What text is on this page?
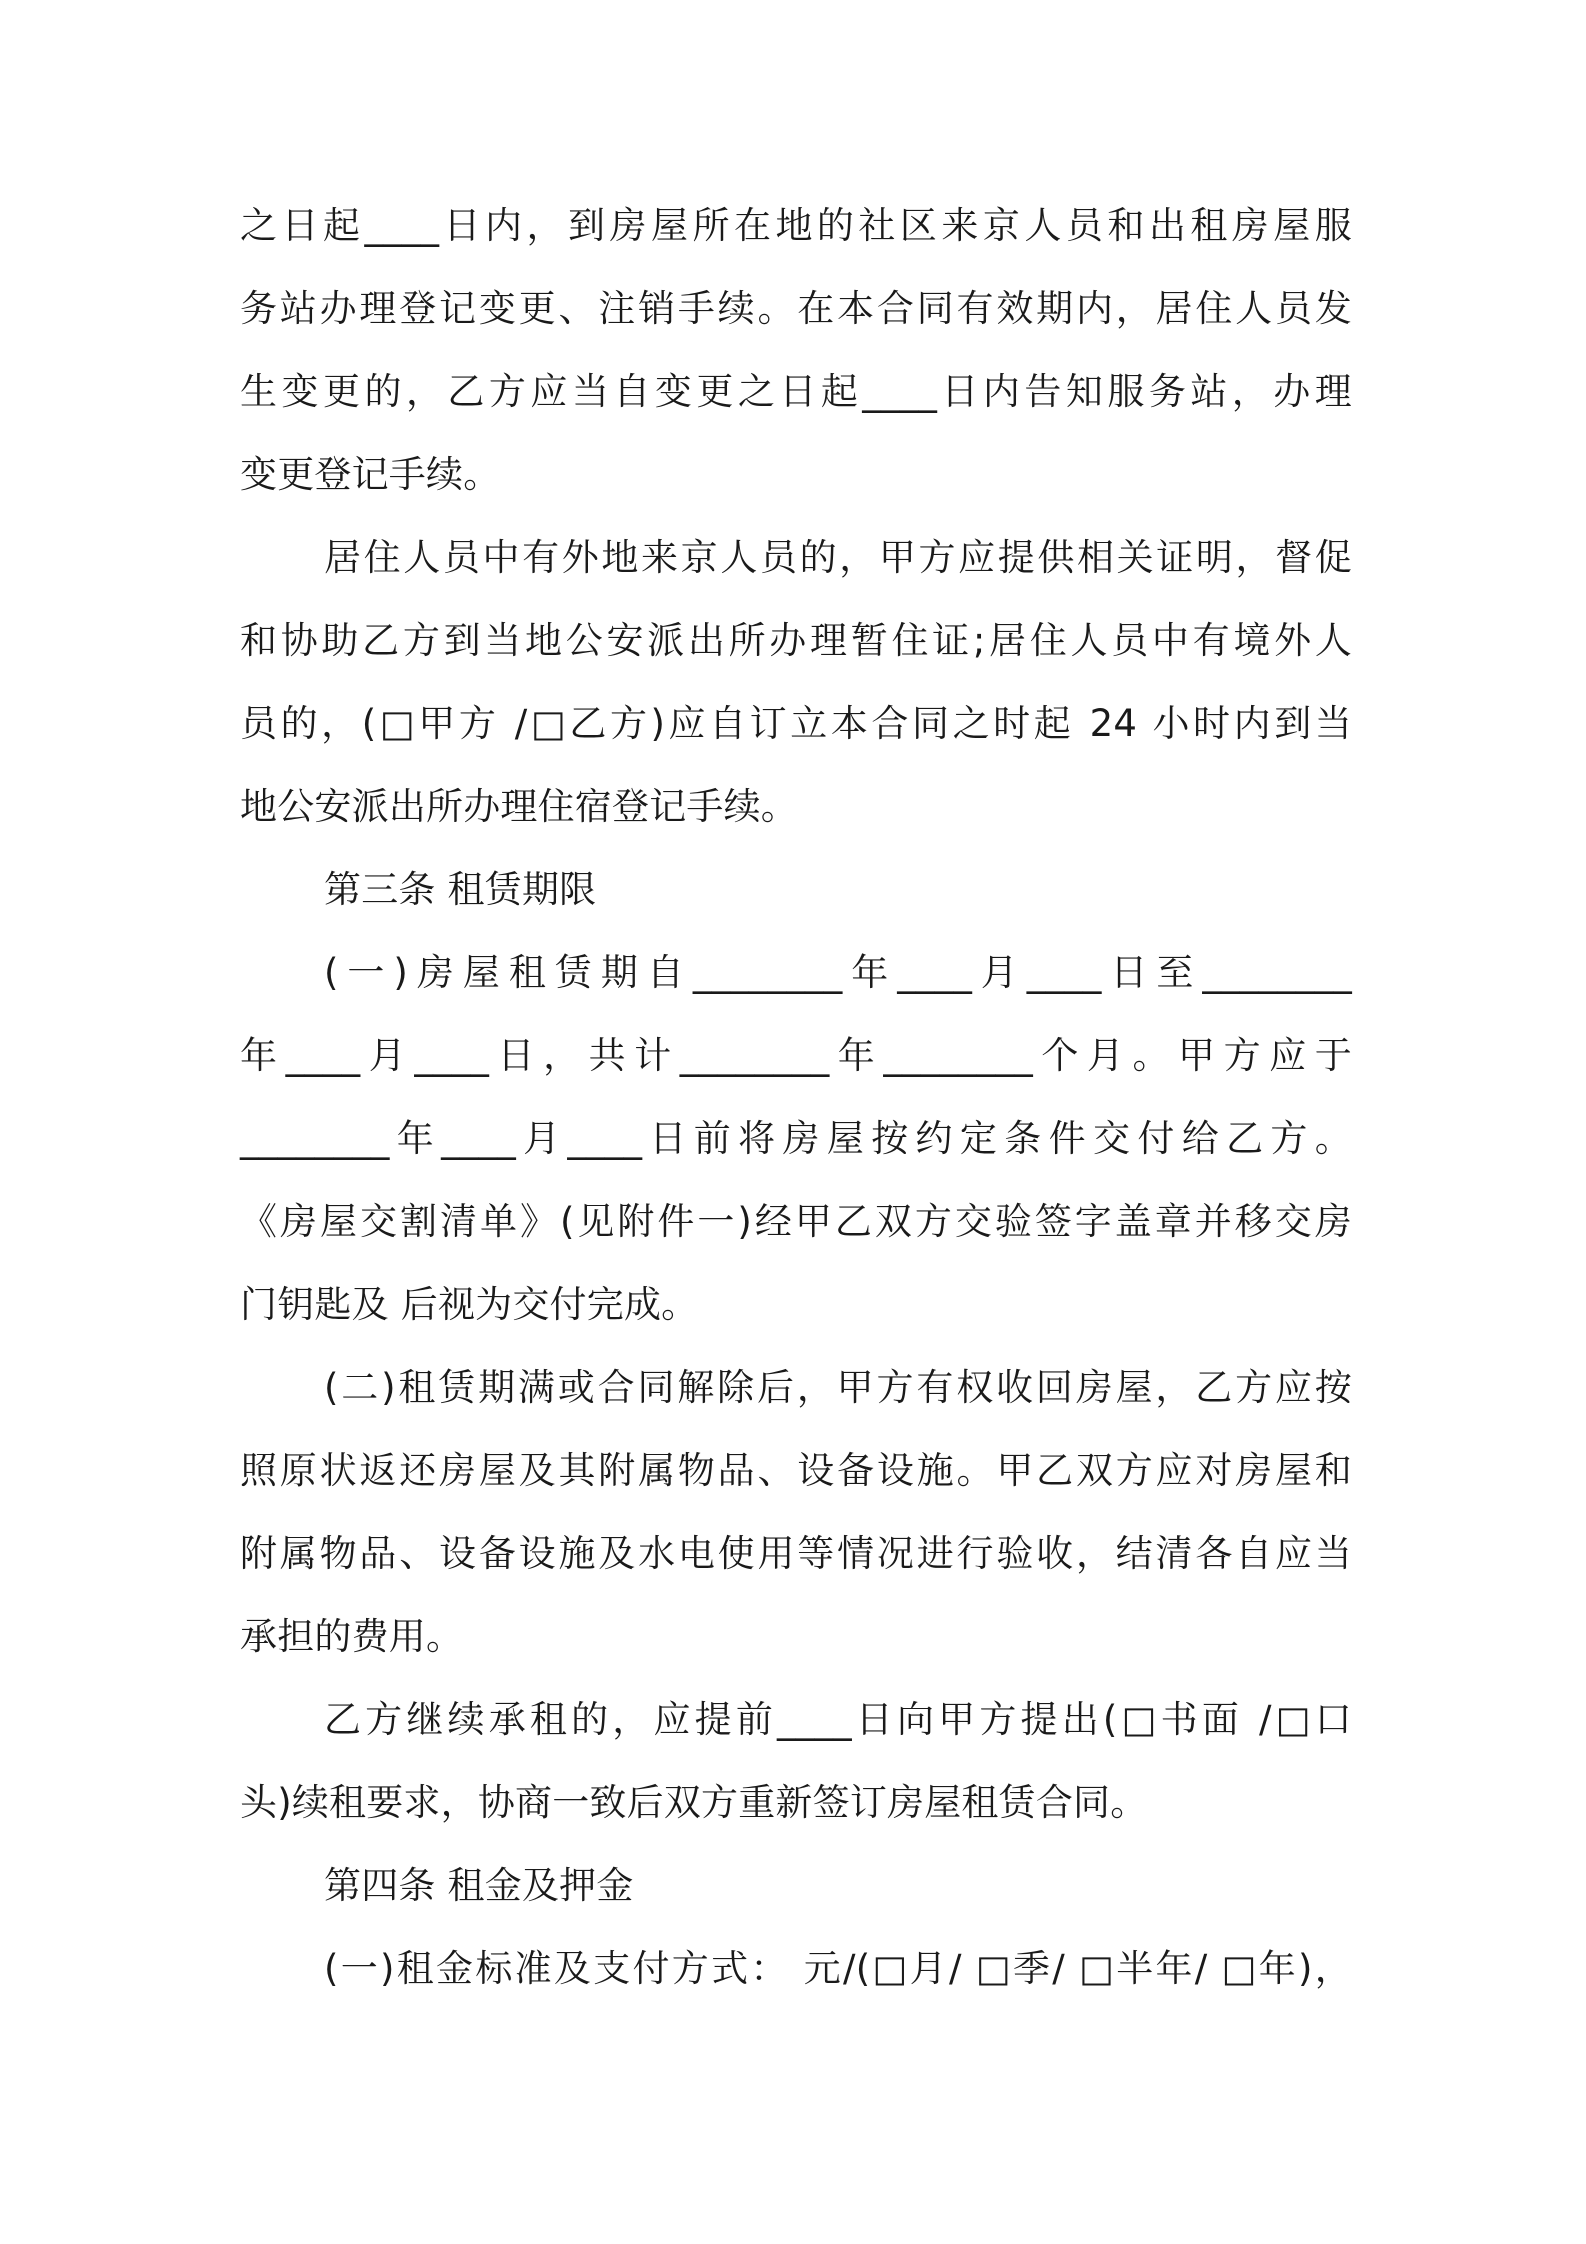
之日起____日内，到房屋所在地的社区来京人员和出租房屋服
务站办理登记变更、注销手续。在本合同有效期内，居住人员发
生变更的，乙方应当自变更之日起____日内告知服务站，办理
变更登记手续。
居住人员中有外地来京人员的，甲方应提供相关证明，督促
和协助乙方到当地公安派出所办理暂住证;居住人员中有境外人
员的，(□甲方 /□乙方)应自订立本合同之时起 24 小时内到当
地公安派出所办理住宿登记手续。
第三条 租赁期限
(一)房屋租赁期自________年____月____日至________
年____月____日，共计________年________个月。甲方应于
________年____月____日前将房屋按约定条件交付给乙方。
《房屋交割清单》(见附件一)经甲乙双方交验签字盖章并移交房
门钥匙及 后视为交付完成。
(二)租赁期满或合同解除后，甲方有权收回房屋，乙方应按
照原状返还房屋及其附属物品、设备设施。甲乙双方应对房屋和
附属物品、设备设施及水电使用等情况进行验收，结清各自应当
承担的费用。
乙方继续承租的，应提前____日向甲方提出(□书面 /□口
头)续租要求，协商一致后双方重新签订房屋租赁合同。
第四条 租金及押金
(一)租金标准及支付方式： 元/(□月/ □季/ □半年/ □年)，
